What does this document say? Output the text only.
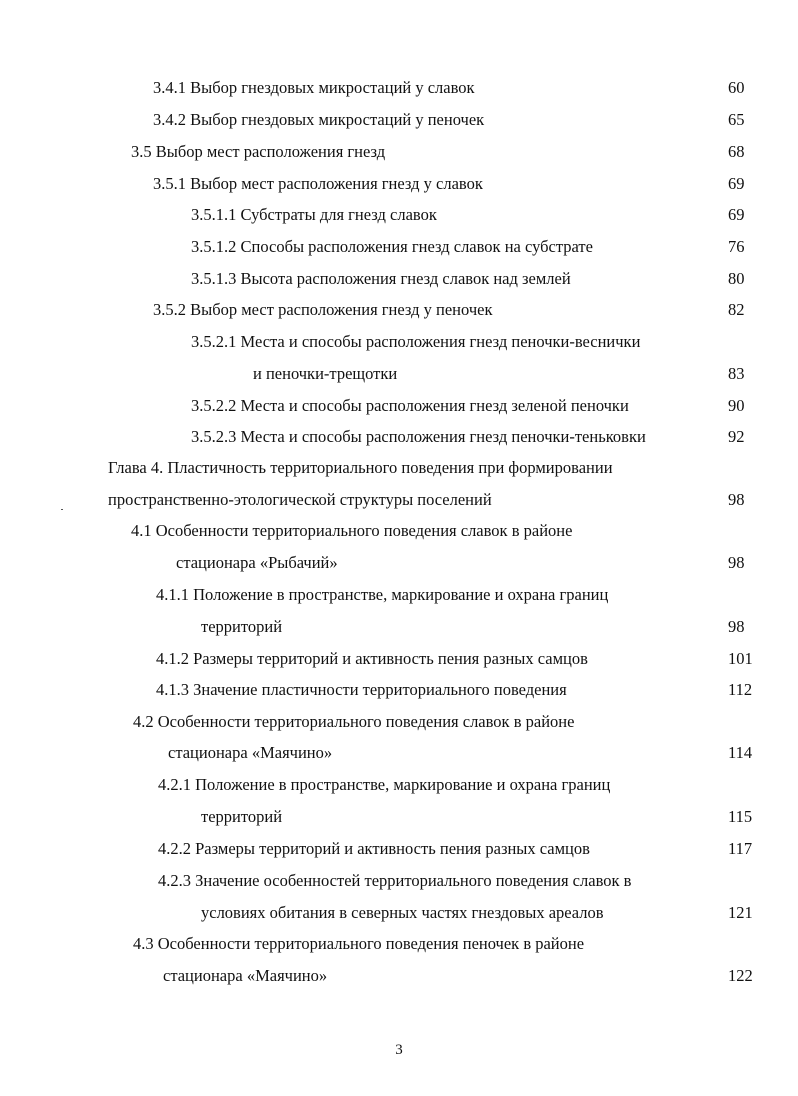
3.4.1 Выбор гнездовых микростаций у славок	60

3.4.2 Выбор гнездовых микростаций у пеночек	65

3.5 Выбор мест расположения гнезд	68

3.5.1 Выбор мест расположения гнезд у славок	69

3.5.1.1 Субстраты для гнезд славок	69

3.5.1.2 Способы расположения гнезд славок на субстрате	76

3.5.1.3 Высота расположения гнезд славок над землей	80

3.5.2 Выбор мест расположения гнезд у пеночек	82

3.5.2.1 Места и способы расположения гнезд пеночки-веснички

и пеночки-трещотки	83

3.5.2.2 Места и способы расположения гнезд зеленой пеночки	90

3.5.2.3 Места и способы расположения гнезд пеночки-теньковки	92

Глава 4. Пластичность территориального поведения при формировании

пространственно-этологической структуры поселений	98

4.1 Особенности территориального поведения славок в районе

стационара «Рыбачий»	98

4.1.1 Положение в пространстве, маркирование и охрана границ

территорий	98

4.1.2 Размеры территорий и активность пения разных самцов	101

4.1.3 Значение пластичности территориального поведения	112

4.2 Особенности территориального поведения славок в районе

стационара «Маячино»	114

4.2.1 Положение в пространстве, маркирование и охрана границ

территорий	115

4.2.2 Размеры территорий и активность пения разных самцов	117

4.2.3 Значение особенностей территориального поведения славок в

условиях обитания в северных частях гнездовых ареалов	121

4.3 Особенности территориального поведения пеночек в районе

стационара «Маячино»	122
3
